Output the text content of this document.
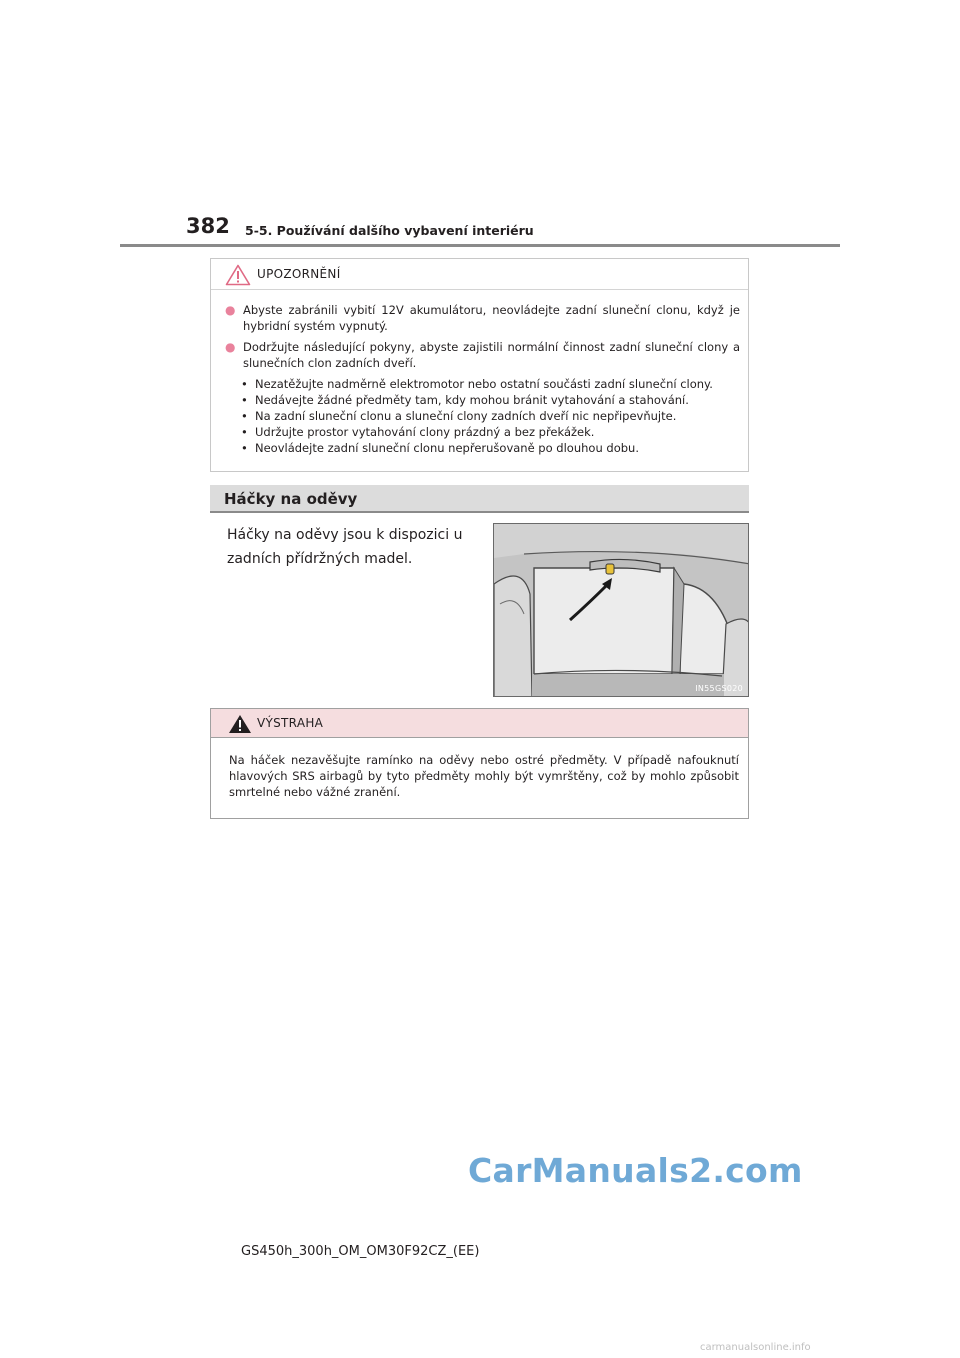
382 5-5. Používání dalšího vybavení interiéru
UPOZORNĚNÍ
● Abyste zabránili vybití 12V akumulátoru, neovládejte zadní sluneční clonu, když je hybridní systém vypnutý.
● Dodržujte následující pokyny, abyste zajistili normální činnost zadní sluneční clony a slunečních clon zadních dveří.
• Nezatěžujte nadměrně elektromotor nebo ostatní součásti zadní sluneční clony.
• Nedávejte žádné předměty tam, kdy mohou bránit vytahování a stahování.
• Na zadní sluneční clonu a sluneční clony zadních dveří nic nepřipevňujte.
• Udržujte prostor vytahování clony prázdný a bez překážek.
• Neovládejte zadní sluneční clonu nepřerušovaně po dlouhou dobu.
Háčky na oděvy
Háčky na oděvy jsou k dispozici u zadních přídržných madel.
IN55GS020
VÝSTRAHA
Na háček nezavěšujte ramínko na oděvy nebo ostré předměty. V případě nafouknutí hlavových SRS airbagů by tyto předměty mohly být vymrštěny, což by mohlo způsobit smrtelné nebo vážné zranění.
CarManuals2.com
GS450h_300h_OM_OM30F92CZ_(EE)
carmanualsonline.info
